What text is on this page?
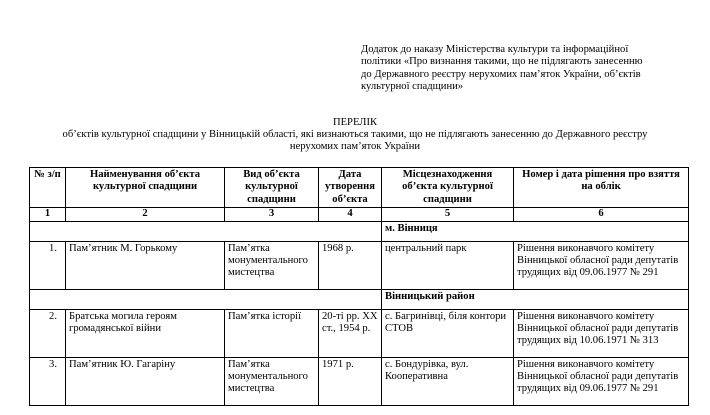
Додаток до наказу Міністерства культури та інформаційної
політики «Про визнання такими, що не підлягають занесенню
до Державного реєстру нерухомих пам’яток України, об’єктів
культурної спадщини»
ПЕРЕЛІК
об’єктів культурної спадщини у Вінницькій області, які визнаються такими, що не підлягають занесенню до Державного реєстру
нерухомих пам’яток України
№ з/п	Найменування об’єкта культурної спадщини	Вид об’єкта культурної спадщини	Дата утворення об’єкта	Місцезнаходження об’єкта культурної спадщини	Номер і дата рішення про взяття на облік
1	2	3	4	5	6
				м. Вінниця	
1.	Пам’ятник М. Горькому	Пам’ятка монументального мистецтва	1968 р.	центральний парк	Рішення виконавчого комітету Вінницької обласної ради депутатів трудящих від 09.06.1977 № 291
				Вінницький район	
2.	Братська могила героям громадянської війни	Пам’ятка історії	20-ті рр. ХХ ст., 1954 р.	с. Багринівці, біля контори СТОВ	Рішення виконавчого комітету Вінницької обласної ради депутатів трудящих від 10.06.1971 № 313
3.	Пам’ятник Ю. Гагаріну	Пам’ятка монументального мистецтва	1971 р.	с. Бондурівка, вул. Кооперативна	Рішення виконавчого комітету Вінницької обласної ради депутатів трудящих від 09.06.1977 № 291
